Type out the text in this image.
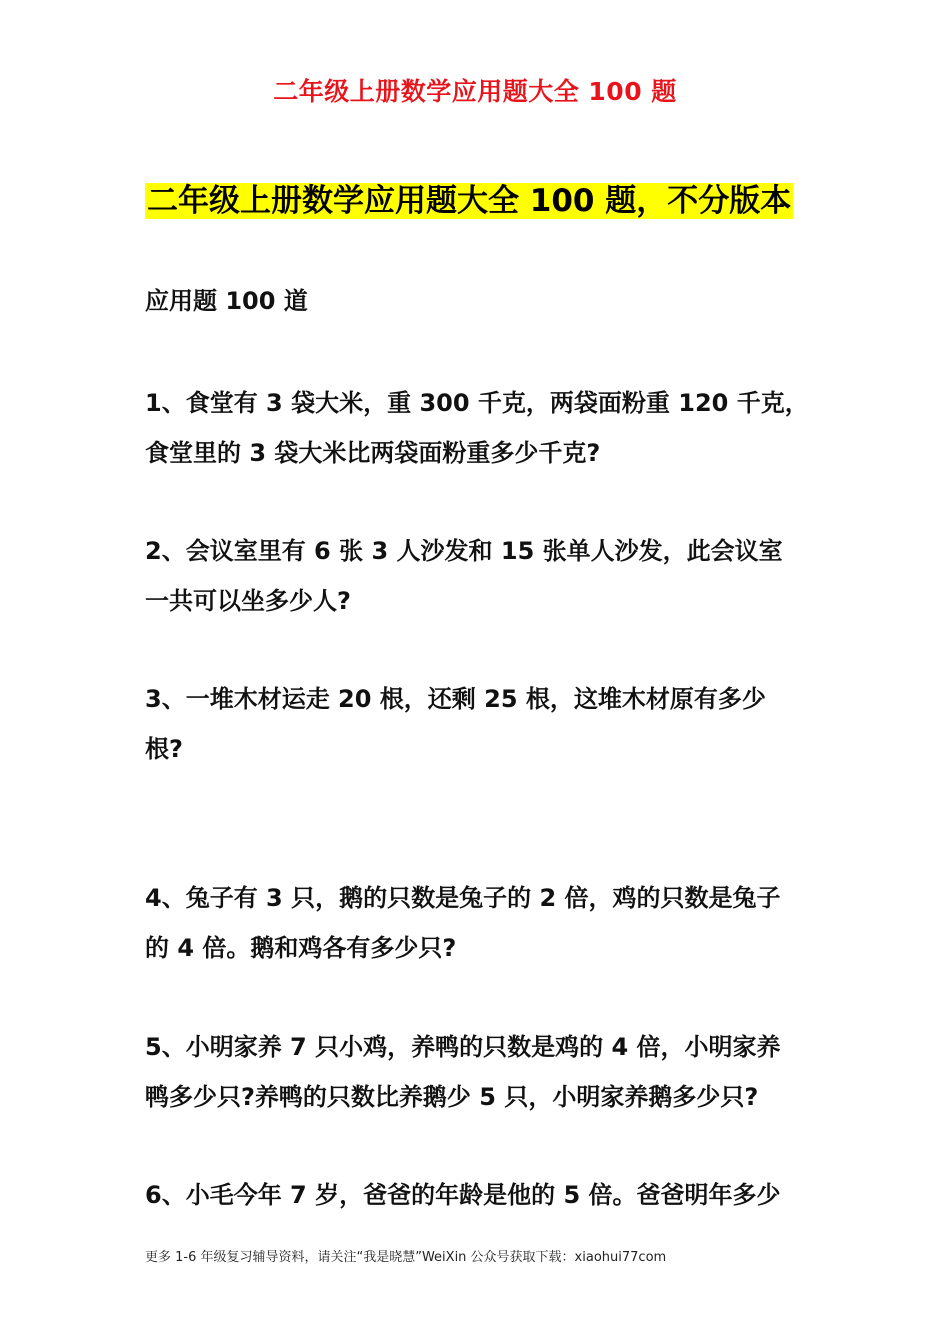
二年级上册数学应用题大全 100 题
二年级上册数学应用题大全 100 题，不分版本
应用题 100 道
1、食堂有 3 袋大米，重 300 千克，两袋面粉重 120 千克，
食堂里的 3 袋大米比两袋面粉重多少千克?
2、会议室里有 6 张 3 人沙发和 15 张单人沙发，此会议室
一共可以坐多少人?
3、一堆木材运走 20 根，还剩 25 根，这堆木材原有多少
根?
4、兔子有 3 只，鹅的只数是兔子的 2 倍，鸡的只数是兔子
的 4 倍。鹅和鸡各有多少只?
5、小明家养 7 只小鸡，养鸭的只数是鸡的 4 倍，小明家养
鸭多少只?养鸭的只数比养鹅少 5 只，小明家养鹅多少只?
6、小毛今年 7 岁，爸爸的年龄是他的 5 倍。爸爸明年多少
更多 1-6 年级复习辅导资料，请关注“我是晓慧”WeiXin 公众号获取下载：xiaohui77com
